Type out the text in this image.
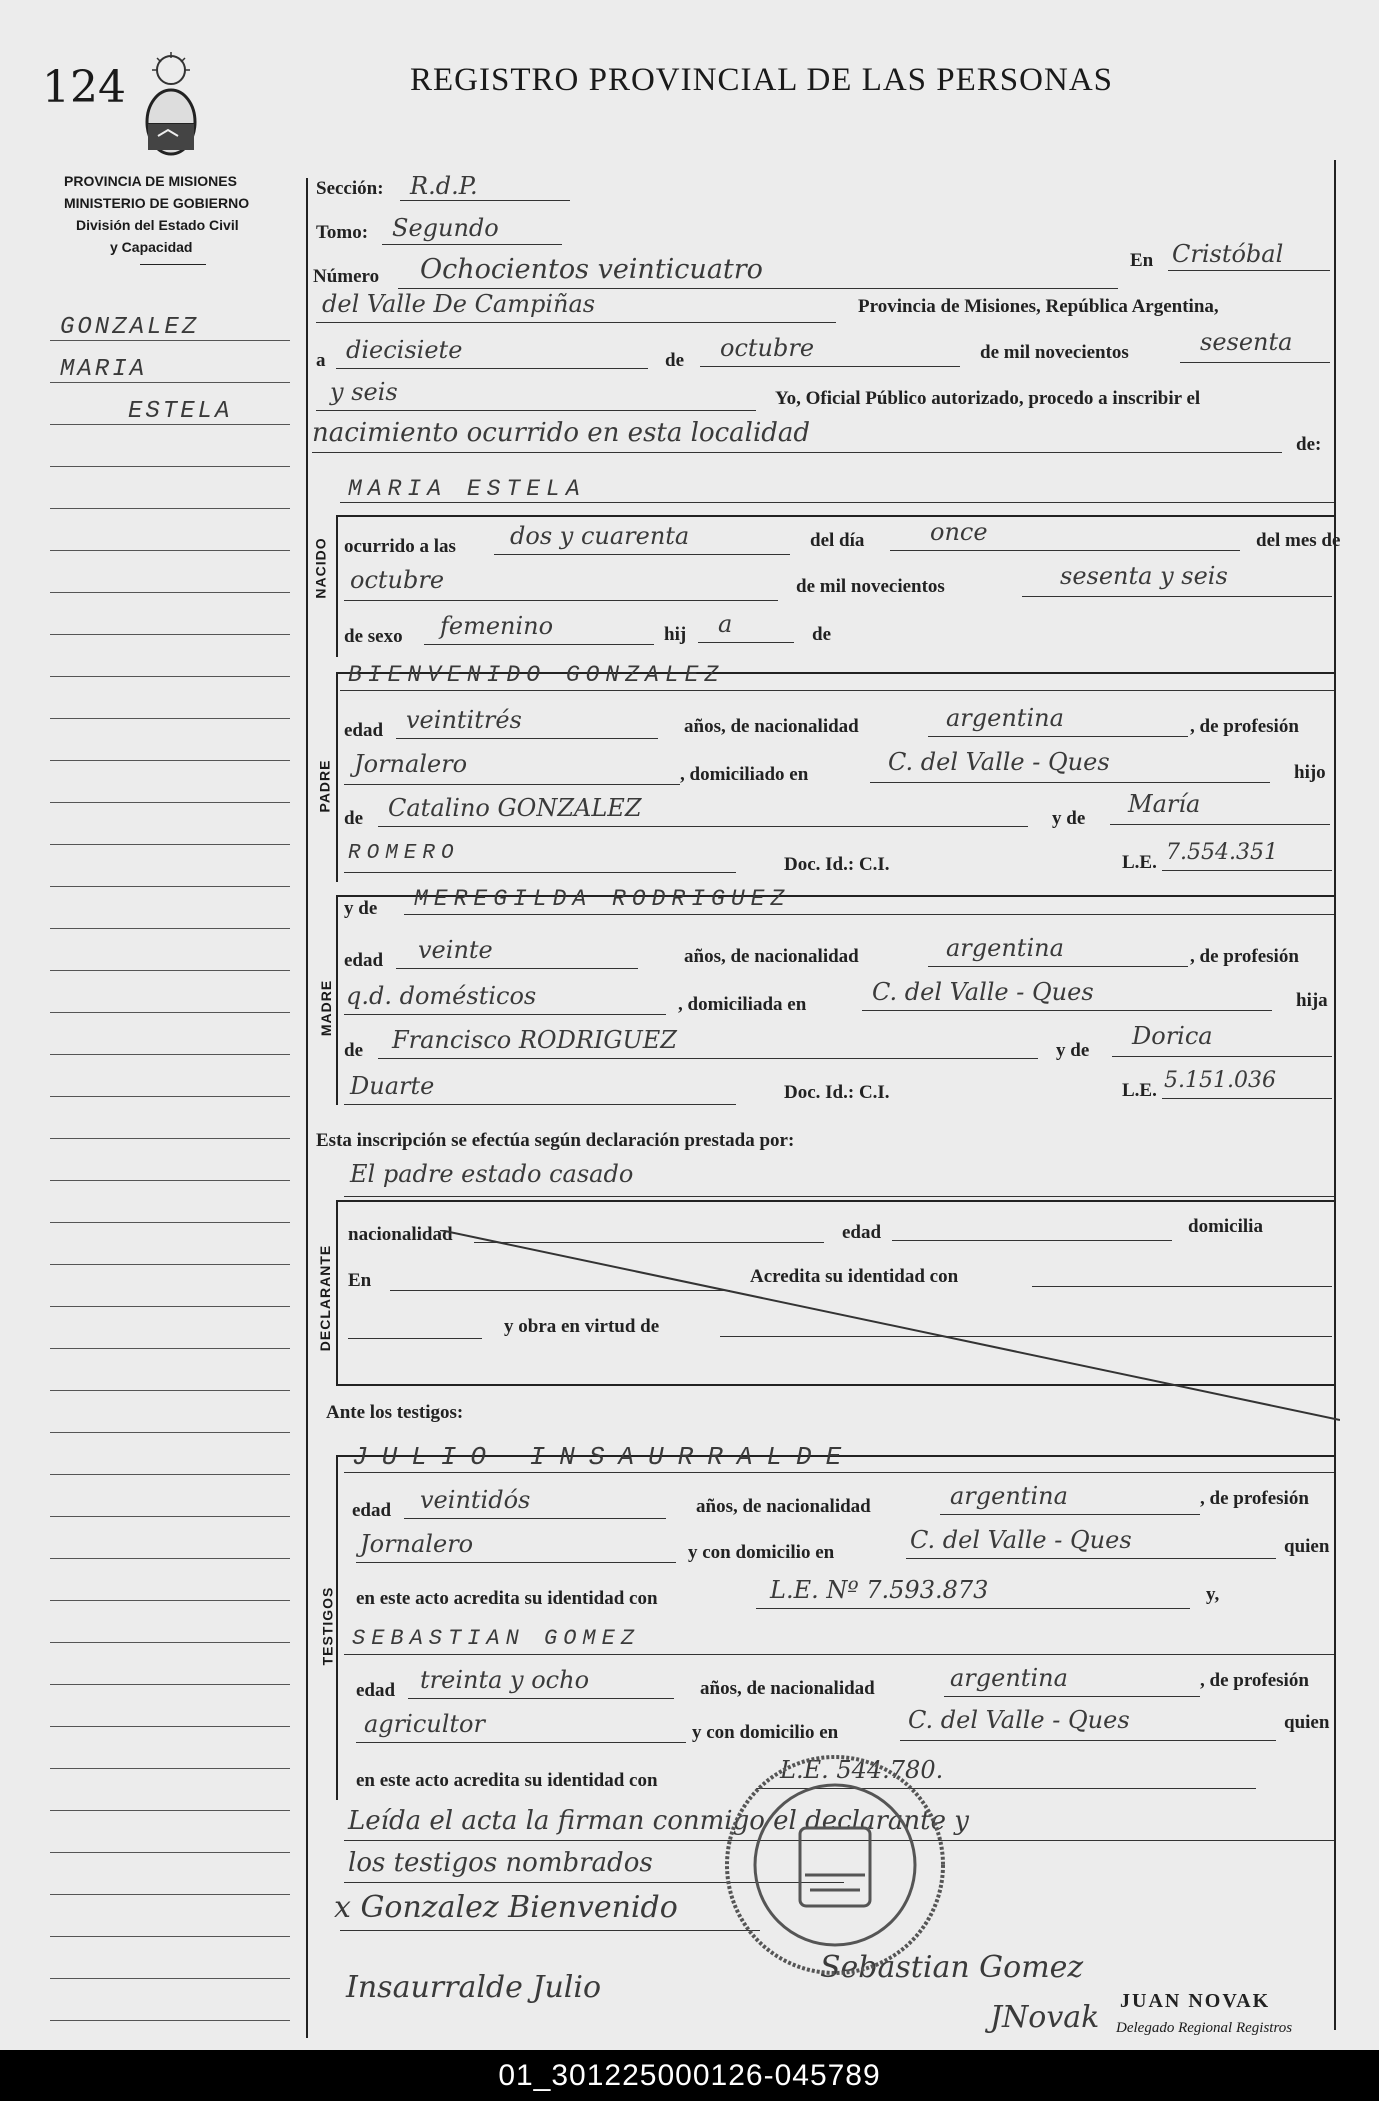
124	REGISTRO PROVINCIAL DE LAS PERSONAS
PROVINCIA DE MISIONES
MINISTERIO DE GOBIERNO
División del Estado Civil
y Capacidad
GONZALEZ
MARIA
ESTELA
NACIDO
PADRE
MADRE
DECLARANTE
TESTIGOS
Sección: R.d.P.
Tomo: Segundo
Número Ochocientos veinticuatro	En Cristóbal
del Valle De Campiñas	Provincia de Misiones, República Argentina,
a diecisiete	de octubre	de mil novecientos	sesenta
y seis	Yo, Oficial Público autorizado, procedo a inscribir el
nacimiento ocurrido en esta localidad	de:
MARIA ESTELA
ocurrido a las dos y cuarenta	del día	once	del mes de
octubre	de mil novecientos	sesenta y seis
de sexo femenino	hij a	de
BIENVENIDO GONZALEZ
edad veintitrés	años, de nacionalidad	argentina	, de profesión
Jornalero	, domiciliado en	C. del Valle - Ques	hijo
de Catalino GONZALEZ	y de
María
ROMERO	Doc. Id.: C.I.	L.E. 7.554.351
y de MEREGILDA RODRIGUEZ
edad veinte	años, de nacionalidad	argentina	, de profesión
q.d. domésticos	, domiciliada en	C. del Valle - Ques	hija
de Francisco RODRIGUEZ	y de
Dorica
Duarte	Doc. Id.: C.I.	L.E. 5.151.036
Esta inscripción se efectúa según declaración prestada por:
El padre estado casado
nacionalidad	edad	domicilia
En	Acredita su identidad con
y obra en virtud de
Ante los testigos:
JULIO INSAURRALDE
edad veintidós	años, de nacionalidad	argentina	, de profesión
Jornalero	y con domicilio en	C. del Valle - Ques	quien
en este acto acredita su identidad con	L.E. Nº 7.593.873	y,
SEBASTIAN GOMEZ
edad treinta y ocho	años, de nacionalidad	argentina	, de profesión
agricultor	y con domicilio en	C. del Valle - Ques	quien
en este acto acredita su identidad con	L.E. 544.780.
Leída el acta la firman conmigo el declarante y
los testigos nombrados
x Gonzalez Bienvenido
Insaurralde Julio
Sebastian Gomez
JNovak JUAN NOVAK
Delegado Regional Registros
01_301225000126-045789
